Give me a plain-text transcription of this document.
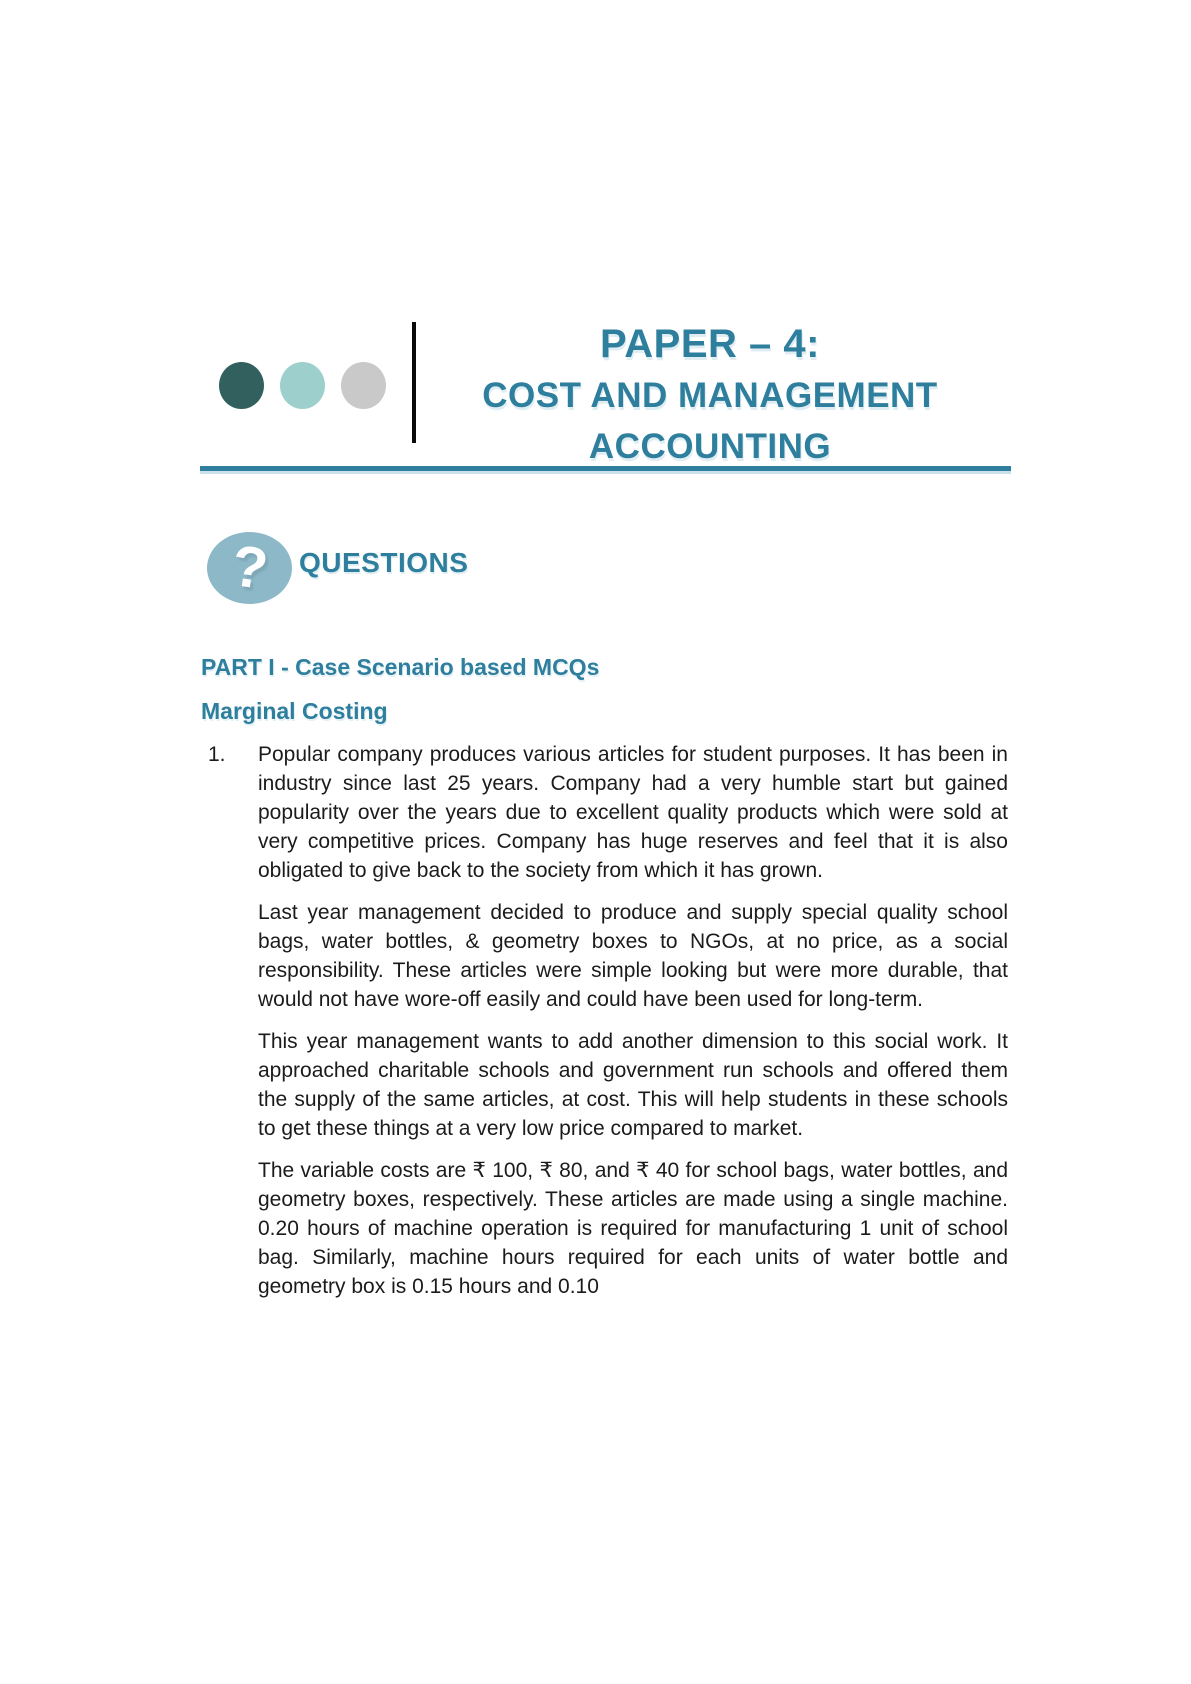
PAPER – 4:
COST AND MANAGEMENT
ACCOUNTING
? QUESTIONS
PART I - Case Scenario based MCQs
Marginal Costing
1. Popular company produces various articles for student purposes. It has been in industry since last 25 years. Company had a very humble start but gained popularity over the years due to excellent quality products which were sold at very competitive prices. Company has huge reserves and feel that it is also obligated to give back to the society from which it has grown.

Last year management decided to produce and supply special quality school bags, water bottles, & geometry boxes to NGOs, at no price, as a social responsibility. These articles were simple looking but were more durable, that would not have wore-off easily and could have been used for long-term.

This year management wants to add another dimension to this social work. It approached charitable schools and government run schools and offered them the supply of the same articles, at cost. This will help students in these schools to get these things at a very low price compared to market.

The variable costs are ₹ 100, ₹ 80, and ₹ 40 for school bags, water bottles, and geometry boxes, respectively. These articles are made using a single machine. 0.20 hours of machine operation is required for manufacturing 1 unit of school bag. Similarly, machine hours required for each units of water bottle and geometry box is 0.15 hours and 0.10
